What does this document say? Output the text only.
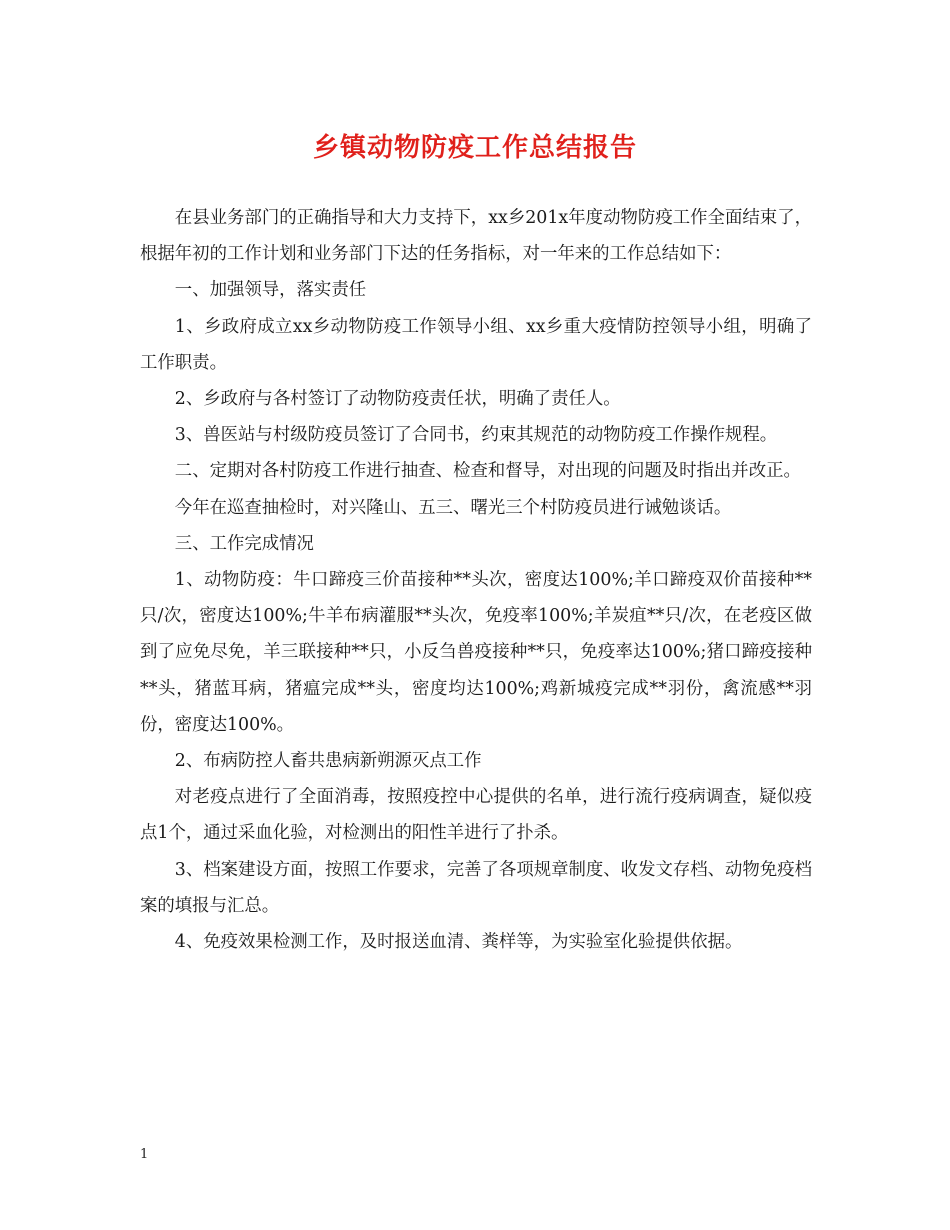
乡镇动物防疫工作总结报告

在县业务部门的正确指导和大力支持下，xx乡201x年度动物防疫工作全面结束了，根据年初的工作计划和业务部门下达的任务指标，对一年来的工作总结如下：

一、加强领导，落实责任

1、乡政府成立xx乡动物防疫工作领导小组、xx乡重大疫情防控领导小组，明确了工作职责。

2、乡政府与各村签订了动物防疫责任状，明确了责任人。

3、兽医站与村级防疫员签订了合同书，约束其规范的动物防疫工作操作规程。

二、定期对各村防疫工作进行抽查、检查和督导，对出现的问题及时指出并改正。

今年在巡查抽检时，对兴隆山、五三、曙光三个村防疫员进行诫勉谈话。

三、工作完成情况

1、动物防疫：牛口蹄疫三价苗接种**头次，密度达100%;羊口蹄疫双价苗接种**只/次，密度达100%;牛羊布病灌服**头次，免疫率100%;羊炭疽**只/次，在老疫区做到了应免尽免，羊三联接种**只，小反刍兽疫接种**只，免疫率达100%;猪口蹄疫接种**头，猪蓝耳病，猪瘟完成**头，密度均达100%;鸡新城疫完成**羽份，禽流感**羽份，密度达100%。

2、布病防控人畜共患病新朔源灭点工作

对老疫点进行了全面消毒，按照疫控中心提供的名单，进行流行疫病调查，疑似疫点1个，通过采血化验，对检测出的阳性羊进行了扑杀。

3、档案建设方面，按照工作要求，完善了各项规章制度、收发文存档、动物免疫档案的填报与汇总。

4、免疫效果检测工作，及时报送血清、粪样等，为实验室化验提供依据。

1
